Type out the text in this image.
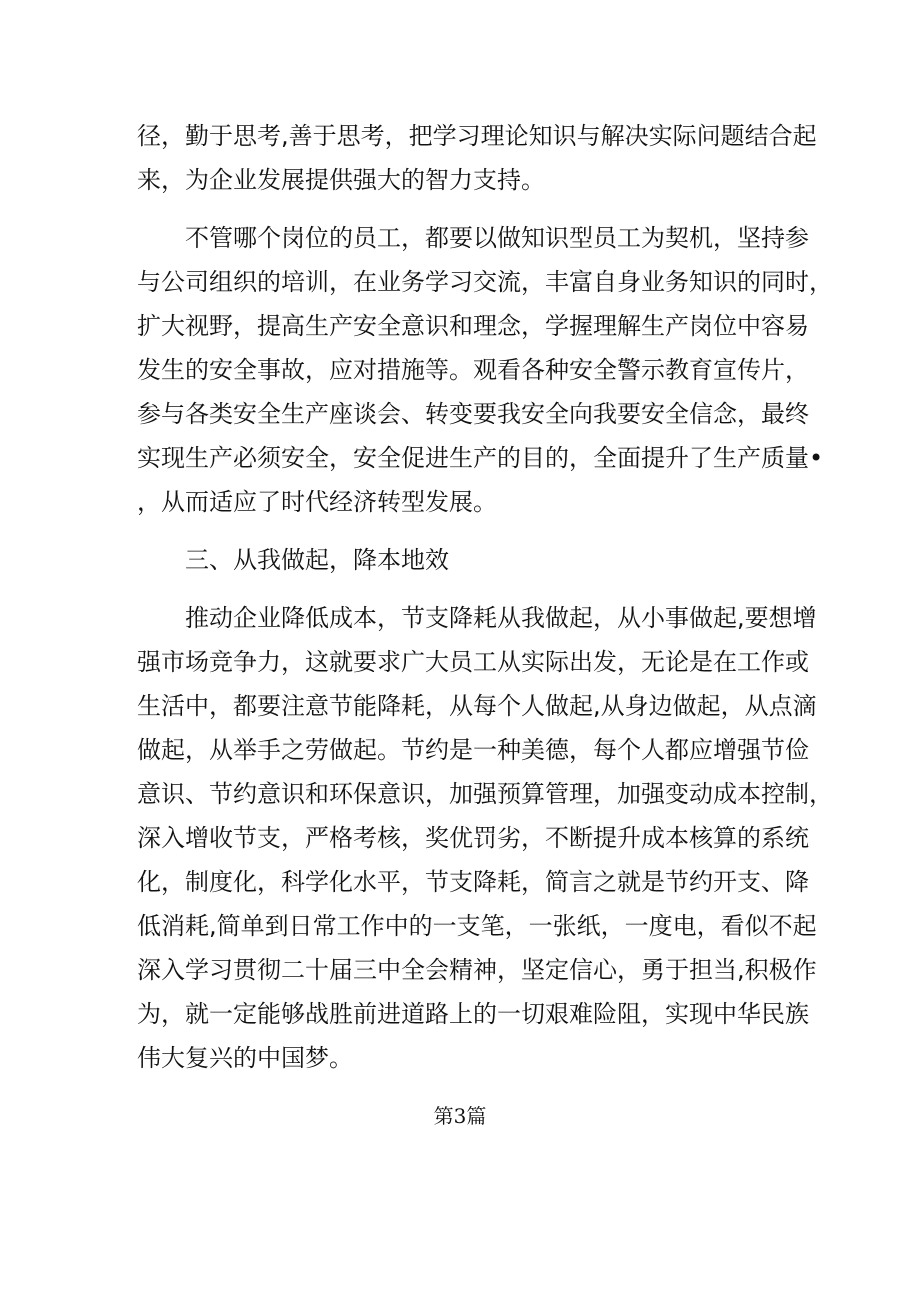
径，勤于思考,善于思考，把学习理论知识与解决实际问题结合起
来，为企业发展提供强大的智力支持。
不管哪个岗位的员工，都要以做知识型员工为契机，坚持参
与公司组织的培训，在业务学习交流，丰富自身业务知识的同时，
扩大视野，提高生产安全意识和理念，学握理解生产岗位中容易
发生的安全事故，应对措施等。观看各种安全警示教育宣传片，
参与各类安全生产座谈会、转变要我安全向我要安全信念，最终
实现生产必须安全，安全促进生产的目的，全面提升了生产质量•
，从而适应了时代经济转型发展。
三、从我做起，降本地效
推动企业降低成本，节支降耗从我做起，从小事做起,要想增
强市场竞争力，这就要求广大员工从实际出发，无论是在工作或
生活中，都要注意节能降耗，从每个人做起,从身边做起，从点滴
做起，从举手之劳做起。节约是一种美德，每个人都应增强节俭
意识、节约意识和环保意识，加强预算管理，加强变动成本控制，
深入增收节支，严格考核，奖优罚劣，不断提升成本核算的系统
化，制度化，科学化水平，节支降耗，简言之就是节约开支、降
低消耗,简单到日常工作中的一支笔，一张纸，一度电，看似不起
深入学习贯彻二十届三中全会精神，坚定信心，勇于担当,积极作
为，就一定能够战胜前进道路上的一切艰难险阻，实现中华民族
伟大复兴的中国梦。
第3篇
